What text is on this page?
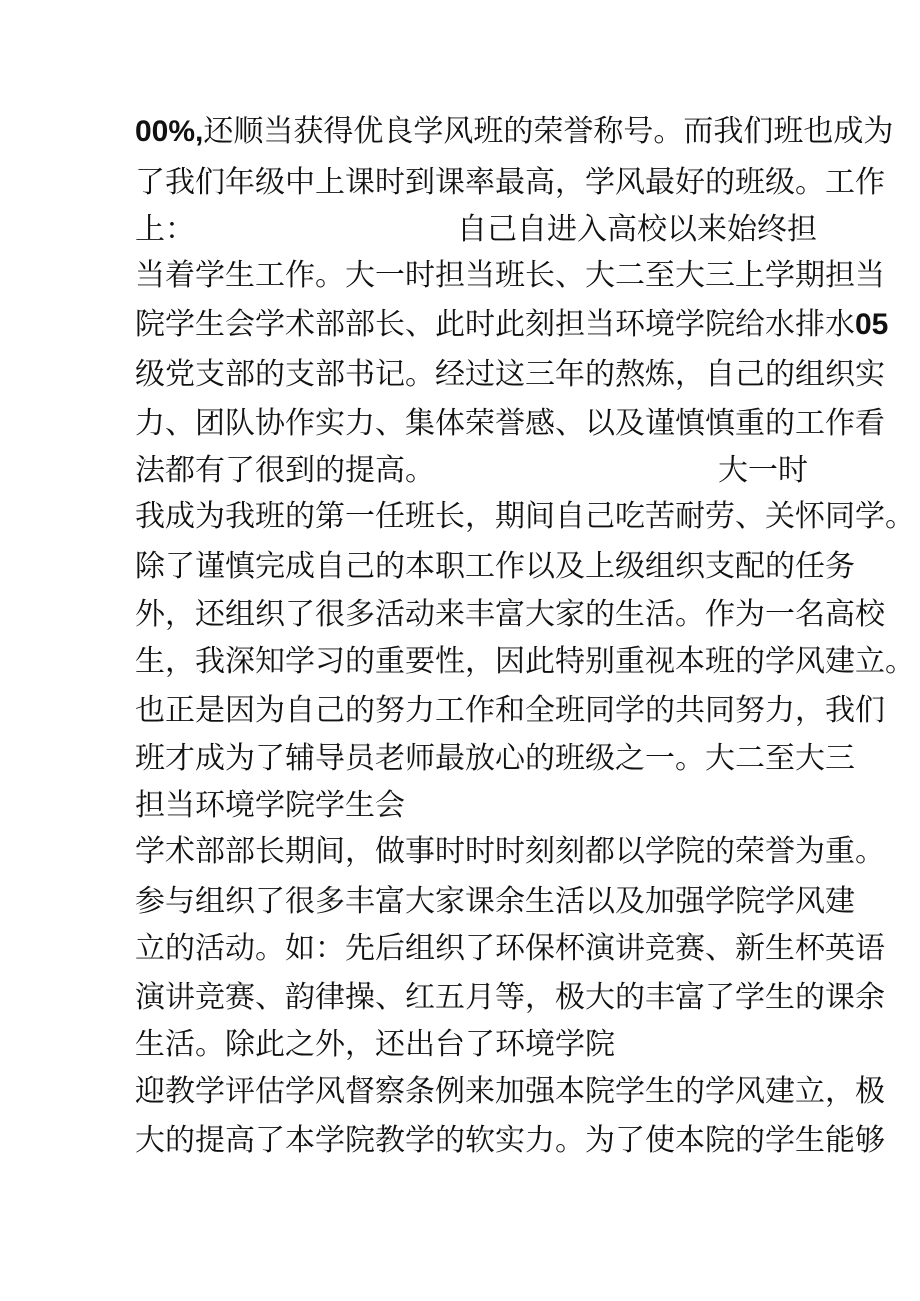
00%,还顺当获得优良学风班的荣誉称号。而我们班也成为

了我们年级中上课时到课率最高，学风最好的班级。工作

上：	自己自进入高校以来始终担

当着学生工作。大一时担当班长、大二至大三上学期担当

院学生会学术部部长、此时此刻担当环境学院给水排水05

级党支部的支部书记。经过这三年的熬炼，自己的组织实

力、团队协作实力、集体荣誉感、以及谨慎慎重的工作看

法都有了很到的提高。	大一时

我成为我班的第一任班长，期间自己吃苦耐劳、关怀同学。

除了谨慎完成自己的本职工作以及上级组织支配的任务

外，还组织了很多活动来丰富大家的生活。作为一名高校

生，我深知学习的重要性，因此特别重视本班的学风建立。

也正是因为自己的努力工作和全班同学的共同努力，我们

班才成为了辅导员老师最放心的班级之一。大二至大三

担当环境学院学生会

学术部部长期间，做事时时时刻刻都以学院的荣誉为重。

参与组织了很多丰富大家课余生活以及加强学院学风建

立的活动。如：先后组织了环保杯演讲竞赛、新生杯英语

演讲竞赛、韵律操、红五月等，极大的丰富了学生的课余

生活。除此之外，还出台了环境学院

迎教学评估学风督察条例来加强本院学生的学风建立，极

大的提高了本学院教学的软实力。为了使本院的学生能够
